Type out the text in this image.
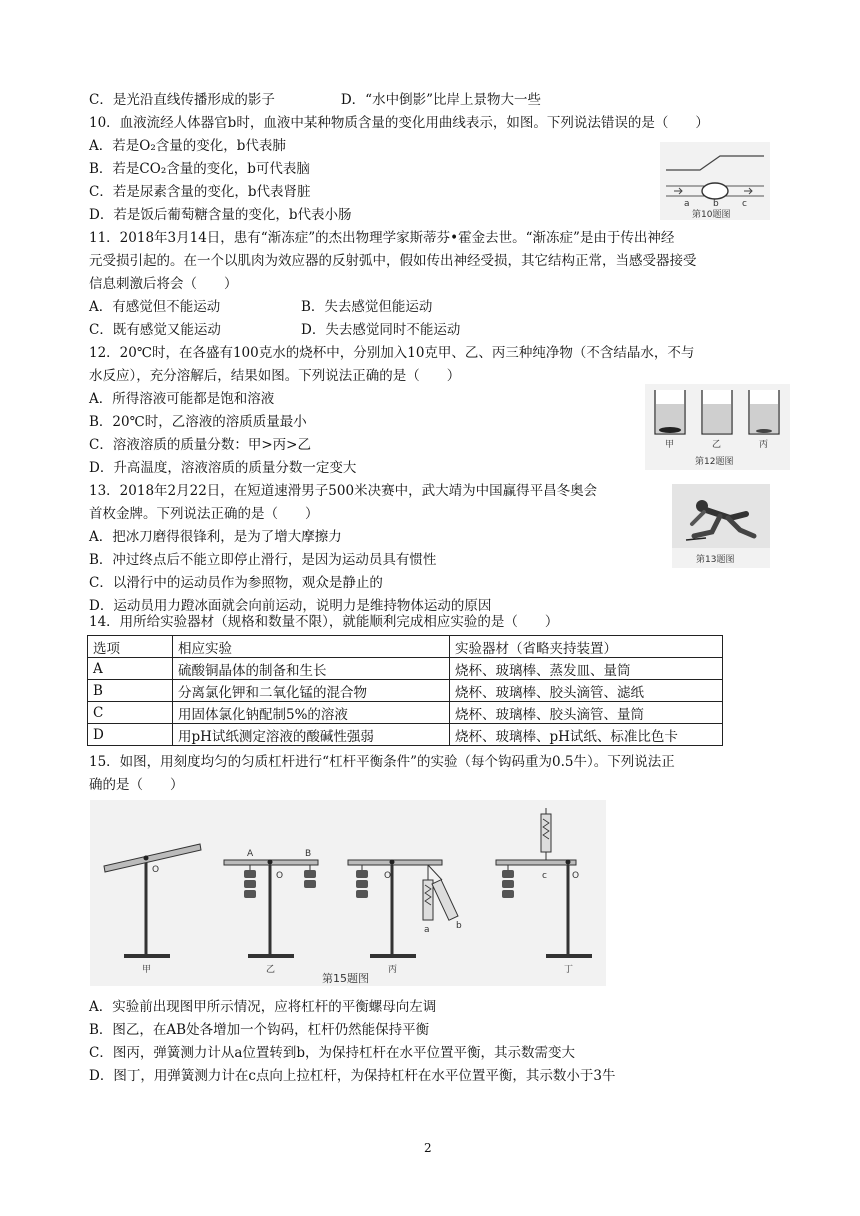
C．是光沿直线传播形成的影子	D．“水中倒影”比岸上景物大一些
10．血液流经人体器官b时，血液中某种物质含量的变化用曲线表示，如图。下列说法错误的是（　　）
A．若是O₂含量的变化，b代表肺
B．若是CO₂含量的变化，b可代表脑
C．若是尿素含量的变化，b代表肾脏
D．若是饭后葡萄糖含量的变化，b代表小肠
a	b	c
第10题图
11．2018年3月14日，患有“渐冻症”的杰出物理学家斯蒂芬•霍金去世。“渐冻症”是由于传出神经
元受损引起的。在一个以肌肉为效应器的反射弧中，假如传出神经受损，其它结构正常，当感受器接受
信息刺激后将会（　　）
A．有感觉但不能运动	B．失去感觉但能运动
C．既有感觉又能运动	D．失去感觉同时不能运动
12．20℃时，在各盛有100克水的烧杯中，分别加入10克甲、乙、丙三种纯净物（不含结晶水，不与
水反应），充分溶解后，结果如图。下列说法正确的是（　　）
A．所得溶液可能都是饱和溶液
B．20℃时，乙溶液的溶质质量最小
C．溶液溶质的质量分数：甲>丙>乙
D．升高温度，溶液溶质的质量分数一定变大
甲	乙	丙
第12题图
13．2018年2月22日，在短道速滑男子500米决赛中，武大靖为中国赢得平昌冬奥会
首枚金牌。下列说法正确的是（　　）
A．把冰刀磨得很锋利，是为了增大摩擦力
B．冲过终点后不能立即停止滑行，是因为运动员具有惯性
C．以滑行中的运动员作为参照物，观众是静止的
D．运动员用力蹬冰面就会向前运动，说明力是维持物体运动的原因
第13题图
14．用所给实验器材（规格和数量不限），就能顺利完成相应实验的是（　　）
选项	相应实验	实验器材（省略夹持装置）
A	硫酸铜晶体的制备和生长	烧杯、玻璃棒、蒸发皿、量筒
B	分离氯化钾和二氧化锰的混合物	烧杯、玻璃棒、胶头滴管、滤纸
C	用固体氯化钠配制5%的溶液	烧杯、玻璃棒、胶头滴管、量筒
D	用pH试纸测定溶液的酸碱性强弱	烧杯、玻璃棒、pH试纸、标准比色卡
15．如图，用刻度均匀的匀质杠杆进行“杠杆平衡条件”的实验（每个钩码重为0.5牛）。下列说法正
确的是（　　）
O
甲
A	B
O
乙
O
a	b
丙
O
c
丁
第15题图
A．实验前出现图甲所示情况，应将杠杆的平衡螺母向左调
B．图乙，在AB处各增加一个钩码，杠杆仍然能保持平衡
C．图丙，弹簧测力计从a位置转到b，为保持杠杆在水平位置平衡，其示数需变大
D．图丁，用弹簧测力计在c点向上拉杠杆，为保持杠杆在水平位置平衡，其示数小于3牛
2
